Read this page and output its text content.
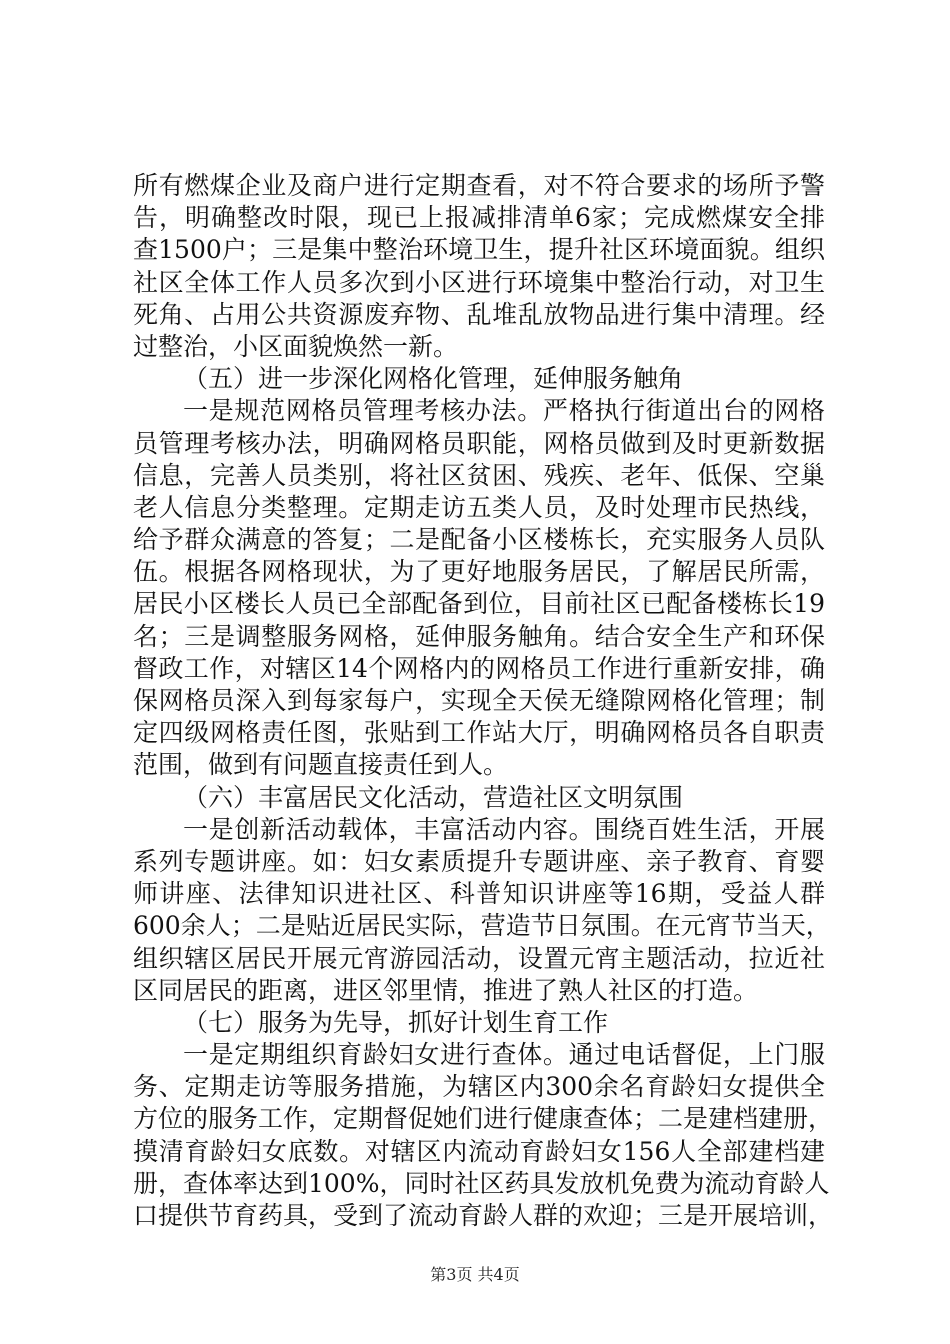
所有燃煤企业及商户进行定期查看，对不符合要求的场所予警
告，明确整改时限，现已上报减排清单6家；完成燃煤安全排
查1500户；三是集中整治环境卫生，提升社区环境面貌。组织
社区全体工作人员多次到小区进行环境集中整治行动，对卫生
死角、占用公共资源废弃物、乱堆乱放物品进行集中清理。经
过整治，小区面貌焕然一新。
（五）进一步深化网格化管理，延伸服务触角
一是规范网格员管理考核办法。严格执行街道出台的网格
员管理考核办法，明确网格员职能，网格员做到及时更新数据
信息，完善人员类别，将社区贫困、残疾、老年、低保、空巢
老人信息分类整理。定期走访五类人员，及时处理市民热线，
给予群众满意的答复；二是配备小区楼栋长，充实服务人员队
伍。根据各网格现状，为了更好地服务居民，了解居民所需，
居民小区楼长人员已全部配备到位，目前社区已配备楼栋长19
名；三是调整服务网格，延伸服务触角。结合安全生产和环保
督政工作，对辖区14个网格内的网格员工作进行重新安排，确
保网格员深入到每家每户，实现全天侯无缝隙网格化管理；制
定四级网格责任图，张贴到工作站大厅，明确网格员各自职责
范围，做到有问题直接责任到人。
（六）丰富居民文化活动，营造社区文明氛围
一是创新活动载体，丰富活动内容。围绕百姓生活，开展
系列专题讲座。如：妇女素质提升专题讲座、亲子教育、育婴
师讲座、法律知识进社区、科普知识讲座等16期，受益人群
600余人；二是贴近居民实际，营造节日氛围。在元宵节当天，
组织辖区居民开展元宵游园活动，设置元宵主题活动，拉近社
区同居民的距离，进区邻里情，推进了熟人社区的打造。
（七）服务为先导，抓好计划生育工作
一是定期组织育龄妇女进行查体。通过电话督促，上门服
务、定期走访等服务措施，为辖区内300余名育龄妇女提供全
方位的服务工作，定期督促她们进行健康查体；二是建档建册，
摸清育龄妇女底数。对辖区内流动育龄妇女156人全部建档建
册，查体率达到100%，同时社区药具发放机免费为流动育龄人
口提供节育药具，受到了流动育龄人群的欢迎；三是开展培训，
第3页 共4页
